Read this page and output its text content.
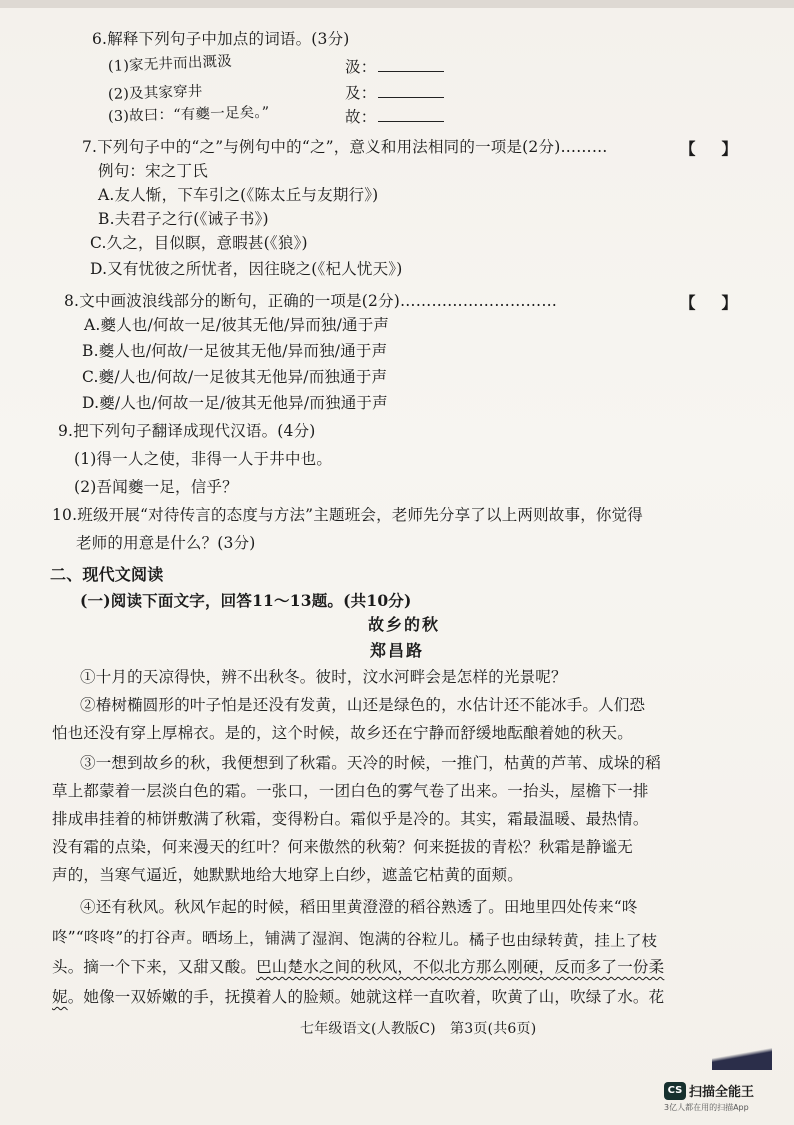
6.解释下列句子中加点的词语。(3分)
(1)家无井而出溉汲	汲：
(2)及其家穿井	及：
(3)故曰：“有夔一足矣。”	故：
7.下列句子中的“之”与例句中的“之”，意义和用法相同的一项是(2分)………	【】
例句：宋之丁氏
A.友人惭，下车引之(《陈太丘与友期行》)
B.夫君子之行(《诫子书》)
C.久之，目似瞑，意暇甚(《狼》)
D.又有忧彼之所忧者，因往晓之(《杞人忧天》)
8.文中画波浪线部分的断句，正确的一项是(2分)…………………………	【】
A.夔人也/何故一足/彼其无他/异而独/通于声
B.夔人也/何故/一足彼其无他/异而独/通于声
C.夔/人也/何故/一足彼其无他异/而独通于声
D.夔/人也/何故一足/彼其无他异/而独通于声
9.把下列句子翻译成现代汉语。(4分)
(1)得一人之使，非得一人于井中也。
(2)吾闻夔一足，信乎？
10.班级开展“对待传言的态度与方法”主题班会，老师先分享了以上两则故事，你觉得
老师的用意是什么？(3分)
二、现代文阅读
(一)阅读下面文字，回答11～13题。(共10分)
故乡的秋
郑昌路
①十月的天凉得快，辨不出秋冬。彼时，汶水河畔会是怎样的光景呢？
②椿树椭圆形的叶子怕是还没有发黄，山还是绿色的，水估计还不能冰手。人们恐
怕也还没有穿上厚棉衣。是的，这个时候，故乡还在宁静而舒缓地酝酿着她的秋天。
③一想到故乡的秋，我便想到了秋霜。天冷的时候，一推门，枯黄的芦苇、成垛的稻
草上都蒙着一层淡白色的霜。一张口，一团白色的雾气卷了出来。一抬头，屋檐下一排
排成串挂着的柿饼敷满了秋霜，变得粉白。霜似乎是冷的。其实，霜最温暖、最热情。
没有霜的点染，何来漫天的红叶？何来傲然的秋菊？何来挺拔的青松？秋霜是静谧无
声的，当寒气逼近，她默默地给大地穿上白纱，遮盖它枯黄的面颊。
④还有秋风。秋风乍起的时候，稻田里黄澄澄的稻谷熟透了。田地里四处传来“咚
咚”“咚咚”的打谷声。晒场上，铺满了湿润、饱满的谷粒儿。橘子也由绿转黄，挂上了枝
头。摘一个下来，又甜又酸。巴山楚水之间的秋风，不似北方那么刚硬，反而多了一份柔
妮。她像一双娇嫩的手，抚摸着人的脸颊。她就这样一直吹着，吹黄了山，吹绿了水。花
七年级语文(人教版C)　第3页(共6页)
CS 扫描全能王
3亿人都在用的扫描App
